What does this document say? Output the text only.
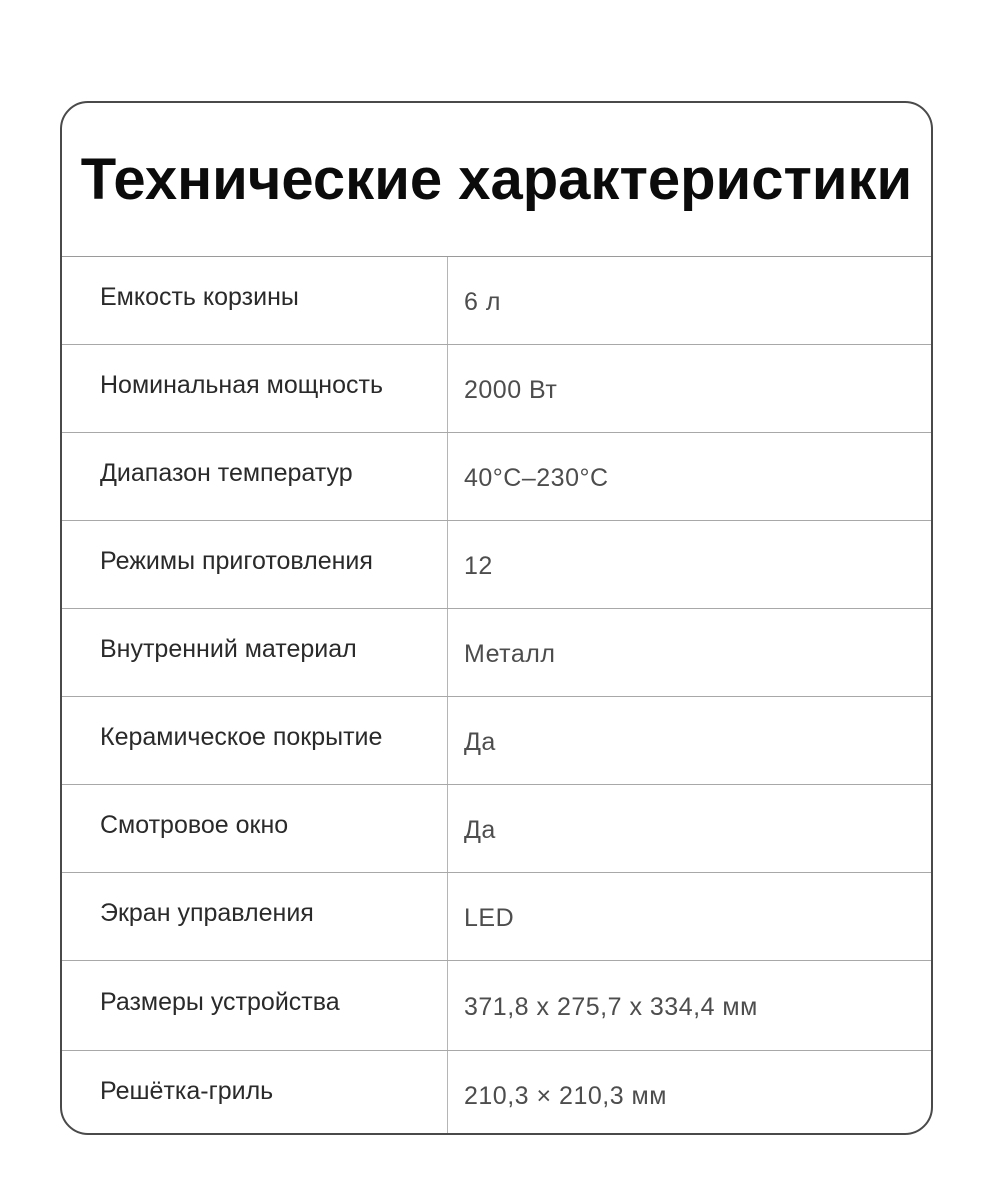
Технические характеристики
Емкость корзины	6 л
Номинальная мощность	2000 Вт
Диапазон температур	40°C–230°C
Режимы приготовления	12
Внутренний материал	Металл
Керамическое покрытие	Да
Смотровое окно	Да
Экран управления	LED
Размеры устройства	371,8 x 275,7 x 334,4 мм
Решётка-гриль	210,3 × 210,3 мм
